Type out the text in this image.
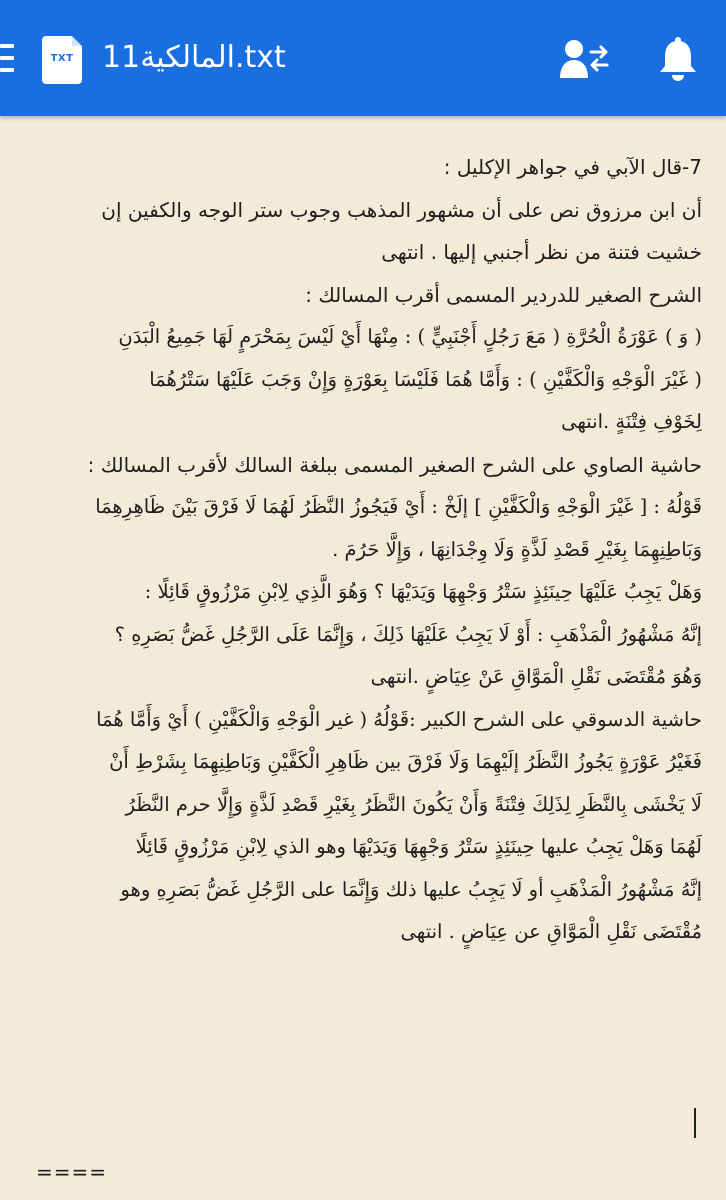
TXT المالكية11.txt
7-قال الآبي في جواهر الإكليل :
أن ابن مرزوق نص على أن مشهور المذهب وجوب ستر الوجه والكفين إن
خشيت فتنة من نظر أجنبي إليها . انتهى
الشرح الصغير للدردير المسمى أقرب المسالك :
( وَ ) عَوْرَةُ الْحُرَّةِ ( مَعَ رَجُلٍ أَجْنَبِيٍّ ) : مِنْهَا أَيْ لَيْسَ بِمَحْرَمٍ لَهَا جَمِيعُ الْبَدَنِ
( غَيْرَ الْوَجْهِ وَالْكَفَّيْنِ ) : وَأَمَّا هُمَا فَلَيْسَا بِعَوْرَةٍ وَإِنْ وَجَبَ عَلَيْهَا سَتْرُهُمَا
لِخَوْفِ فِتْنَةٍ .انتهى
حاشية الصاوي على الشرح الصغير المسمى ببلغة السالك لأقرب المسالك :
قَوْلُهُ : [ غَيْرَ الْوَجْهِ وَالْكَفَّيْنِ ] إلَخْ : أَيْ فَيَجُوزُ النَّظَرُ لَهُمَا لَا فَرْقَ بَيْنَ ظَاهِرِهِمَا
وَبَاطِنِهِمَا بِغَيْرِ قَصْدِ لَذَّةٍ وَلَا وِجْدَانِهَا ، وَإِلَّا حَرُمَ .
وَهَلْ يَجِبُ عَلَيْهَا حِينَئِذٍ سَتْرُ وَجْهِهَا وَيَدَيْهَا ؟ وَهُوَ الَّذِي لِابْنِ مَرْزُوقٍ قَائِلًا :
إنَّهُ مَشْهُورُ الْمَذْهَبِ : أَوْ لَا يَجِبُ عَلَيْهَا ذَلِكَ ، وَإِنَّمَا عَلَى الرَّجُلِ غَضُّ بَصَرِهِ ؟
وَهُوَ مُقْتَضَى نَقْلِ الْمَوَّاقِ عَنْ عِيَاضٍ .انتهى
حاشية الدسوقي على الشرح الكبير :قَوْلُهُ ( غير الْوَجْهِ وَالْكَفَّيْنِ ) أَيْ وَأَمَّا هُمَا
فَغَيْرُ عَوْرَةٍ يَجُوزُ النَّظَرُ إلَيْهِمَا وَلَا فَرْقَ بين ظَاهِرِ الْكَفَّيْنِ وَبَاطِنِهِمَا بِشَرْطِ أَنْ
لَا يَخْشَى بِالنَّظَرِ لِذَلِكَ فِتْنَةً وَأَنْ يَكُونَ النَّظَرُ بِغَيْرِ قَصْدِ لَذَّةٍ وَإِلَّا حرم النَّظَرُ
لَهُمَا وَهَلْ يَجِبُ عليها حِينَئِذٍ سَتْرُ وَجْهِهَا وَيَدَيْهَا وهو الذي لِابْنِ مَرْزُوقٍ قَائِلًا
إنَّهُ مَشْهُورُ الْمَذْهَبِ أو لَا يَجِبُ عليها ذلك وَإِنَّمَا على الرَّجُلِ غَضُّ بَصَرِهِ وهو
مُقْتَضَى نَقْلِ الْمَوَّاقِ عن عِيَاضٍ . انتهى
====
